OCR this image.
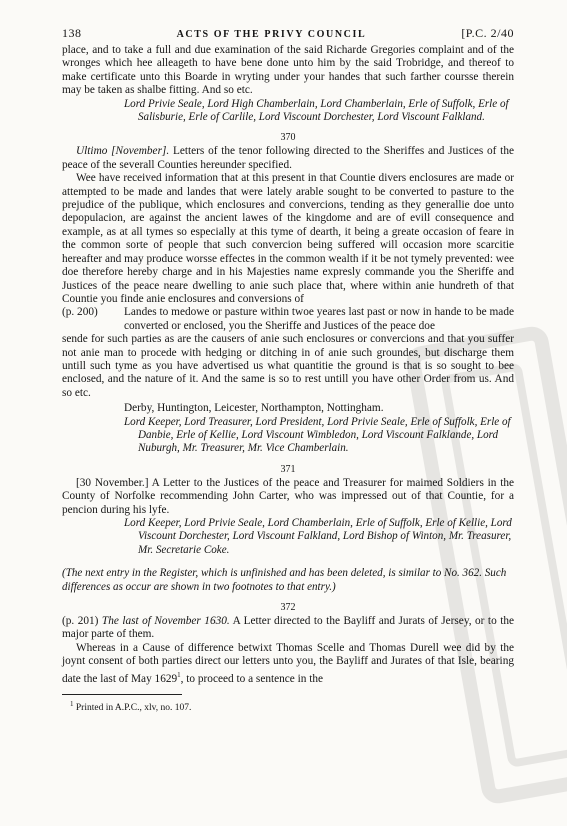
138	ACTS OF THE PRIVY COUNCIL	[P.C. 2/40

place, and to take a full and due examination of the said Richarde Gregories complaint and of the wronges which hee alleageth to have bene done unto him by the said Trobridge, and thereof to make certificate unto this Boarde in wryting under your handes that such farther coursse therein may be taken as shalbe fitting. And so etc.

Lord Privie Seale, Lord High Chamberlain, Lord Chamberlain, Erle of Suffolk, Erle of Salisburie, Erle of Carlile, Lord Viscount Dorchester, Lord Viscount Falkland.

370

Ultimo [November]. Letters of the tenor following directed to the Sheriffes and Justices of the peace of the severall Counties hereunder specified.

Wee have received information that at this present in that Countie divers enclosures are made or attempted to be made and landes that were lately arable sought to be converted to pasture to the prejudice of the publique, which enclosures and convercions, tending as they generallie doe unto depopulacion, are against the ancient lawes of the kingdome and are of evill consequence and example, as at all tymes so especially at this tyme of dearth, it being a greate occasion of feare in the common sorte of people that such convercion being suffered will occasion more scarcitie hereafter and may produce worsse effectes in the common wealth if it be not tymely prevented: wee doe therefore hereby charge and in his Majesties name expresly commande you the Sheriffe and Justices of the peace neare dwelling to anie such place that, where within anie hundreth of that Countie you finde anie enclosures and conversions of

(p. 200)	Landes to medowe or pasture within twoe yeares last past or now in hande to be made converted or enclosed, you the Sheriffe and Justices of the peace doe

sende for such parties as are the causers of anie such enclosures or convercions and that you suffer not anie man to procede with hedging or ditching in of anie such groundes, but discharge them untill such tyme as you have advertised us what quantitie the ground is that is so sought to bee enclosed, and the nature of it. And the same is so to rest untill you have other Order from us. And so etc.

Derby, Huntington, Leicester, Northampton, Nottingham.

Lord Keeper, Lord Treasurer, Lord President, Lord Privie Seale, Erle of Suffolk, Erle of Danbie, Erle of Kellie, Lord Viscount Wimbledon, Lord Viscount Falklande, Lord Nuburgh, Mr. Treasurer, Mr. Vice Chamberlain.

371

[30 November.] A Letter to the Justices of the peace and Treasurer for maimed Soldiers in the County of Norfolke recommending John Carter, who was impressed out of that Countie, for a pencion during his lyfe.

Lord Keeper, Lord Privie Seale, Lord Chamberlain, Erle of Suffolk, Erle of Kellie, Lord Viscount Dorchester, Lord Viscount Falkland, Lord Bishop of Winton, Mr. Treasurer, Mr. Secretarie Coke.

(The next entry in the Register, which is unfinished and has been deleted, is similar to No. 362. Such differences as occur are shown in two footnotes to that entry.)

372

(p. 201) The last of November 1630. A Letter directed to the Bayliff and Jurats of Jersey, or to the major parte of them.

Whereas in a Cause of difference betwixt Thomas Scelle and Thomas Durell wee did by the joynt consent of both parties direct our letters unto you, the Bayliff and Jurates of that Isle, bearing date the last of May 1629$^1$, to proceed to a sentence in the

$^1$ Printed in A.P.C., xlv, no. 107.
